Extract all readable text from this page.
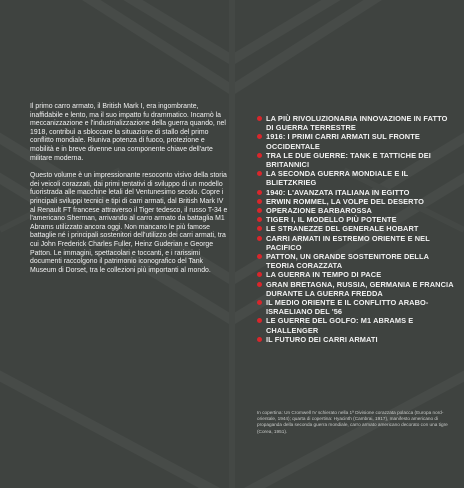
Il primo carro armato, il British Mark I, era ingombrante, inaffidabile e lento, ma il suo impatto fu drammatico. Incarnò la meccanizzazione e l'industrializzazione della guerra quando, nel 1918, contribuì a sbloccare la situazione di stallo del primo conflitto mondiale. Riuniva potenza di fuoco, protezione e mobilità e in breve divenne una componente chiave dell'arte militare moderna.

Questo volume è un impressionante resoconto visivo della storia dei veicoli corazzati, dai primi tentativi di sviluppo di un modello fuoristrada alle macchine letali del Ventunesimo secolo. Copre i principali sviluppi tecnici e tipi di carri armati, dal British Mark IV al Renault FT francese attraverso il Tiger tedesco, il russo T-34 e l'americano Sherman, arrivando al carro armato da battaglia M1 Abrams utilizzato ancora oggi. Non mancano le più famose battaglie né i principali sostenitori dell'utilizzo dei carri armati, tra cui John Frederick Charles Fuller, Heinz Guderian e George Patton. Le immagini, spettacolari e toccanti, e i rarissimi documenti raccolgono il patrimonio iconografico del Tank Museum di Dorset, tra le collezioni più importanti al mondo.

LA PIÙ RIVOLUZIONARIA INNOVAZIONE IN FATTO DI GUERRA TERRESTRE
1916: I PRIMI CARRI ARMATI SUL FRONTE OCCIDENTALE
TRA LE DUE GUERRE: TANK E TATTICHE DEI BRITANNICI
LA SECONDA GUERRA MONDIALE E IL BLIETZKRIEG
1940: L'AVANZATA ITALIANA IN EGITTO
ERWIN ROMMEL, LA VOLPE DEL DESERTO
OPERAZIONE BARBAROSSA
TIGER I, IL MODELLO PIÙ POTENTE
LE STRANEZZE DEL GENERALE HOBART
CARRI ARMATI IN ESTREMO ORIENTE E NEL PACIFICO
PATTON, UN GRANDE SOSTENITORE DELLA TEORIA CORAZZATA
LA GUERRA IN TEMPO DI PACE
GRAN BRETAGNA, RUSSIA, GERMANIA E FRANCIA DURANTE LA GUERRA FREDDA
IL MEDIO ORIENTE E IL CONFLITTO ARABO-ISRAELIANO DEL '56
LE GUERRE DEL GOLFO: M1 ABRAMS E CHALLENGER
IL FUTURO DEI CARRI ARMATI
In copertina: Un Cromwell IV schierato nella 1ª Divisione corazzata polacca (Europa nord-orientale, 1944); quarta di copertina: Hyacinth (Cambrai, 1917), manifesto americano di propaganda della seconda guerra mondiale, carro armato americano decorato con una tigre (Corea, 1951).
